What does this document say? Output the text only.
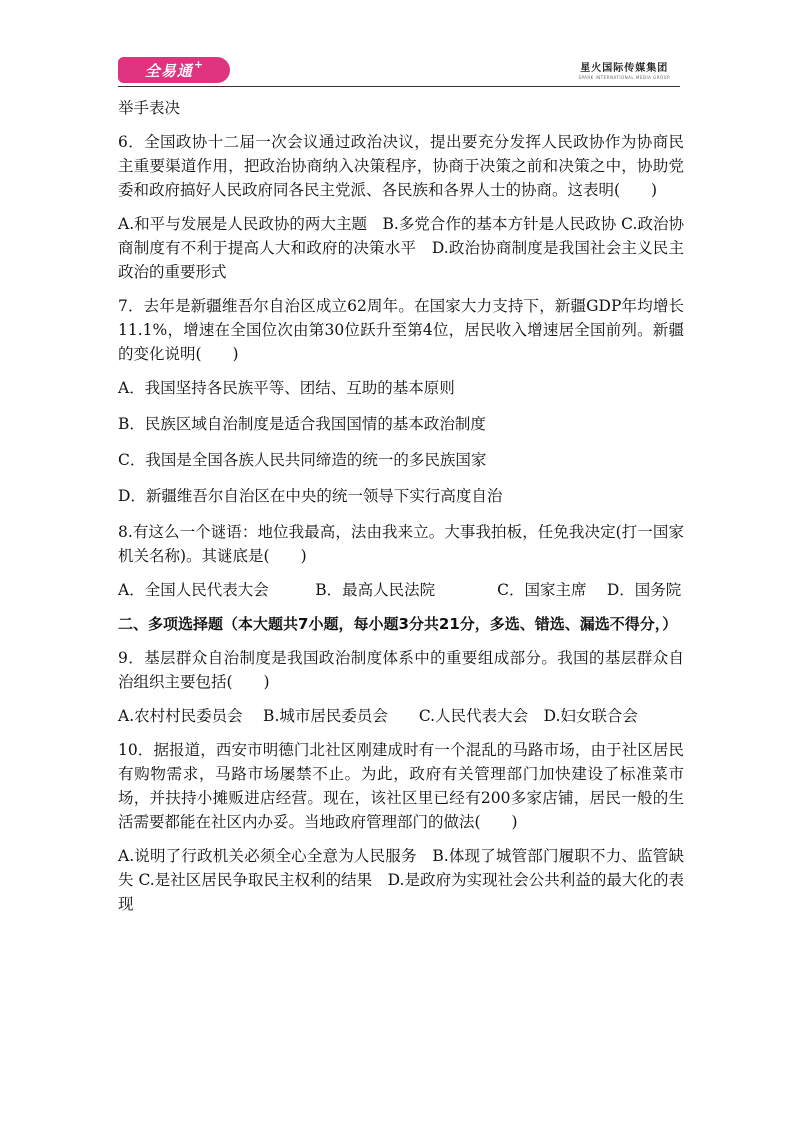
全易通 +	星火国际传媒集团
SPARK INTERNATIONAL MEDIA GROUP

举手表决

6．全国政协十二届一次会议通过政治决议，提出要充分发挥人民政协作为协商民主重要渠道作用，把政治协商纳入决策程序，协商于决策之前和决策之中，协助党委和政府搞好人民政府同各民主党派、各民族和各界人士的协商。这表明(　　)

A.和平与发展是人民政协的两大主题　B.多党合作的基本方针是人民政协 C.政治协商制度有不利于提高人大和政府的决策水平　D.政治协商制度是我国社会主义民主政治的重要形式

7．去年是新疆维吾尔自治区成立62周年。在国家大力支持下，新疆GDP年均增长11.1%，增速在全国位次由第30位跃升至第4位，居民收入增速居全国前列。新疆的变化说明(　　)

A．我国坚持各民族平等、团结、互助的基本原则

B．民族区域自治制度是适合我国国情的基本政治制度

C．我国是全国各族人民共同缔造的统一的多民族国家

D．新疆维吾尔自治区在中央的统一领导下实行高度自治

8.有这么一个谜语：地位我最高，法由我来立。大事我拍板，任免我决定(打一国家机关名称)。其谜底是(　　)

A．全国人民代表大会　　　B．最高人民法院　　　　C．国家主席　 D．国务院

二、多项选择题（本大题共7小题，每小题3分共21分，多选、错选、漏选不得分，）

9．基层群众自治制度是我国政治制度体系中的重要组成部分。我国的基层群众自治组织主要包括(　　)

A.农村村民委员会　 B.城市居民委员会　　C.人民代表大会　D.妇女联合会

10．据报道，西安市明德门北社区刚建成时有一个混乱的马路市场，由于社区居民有购物需求，马路市场屡禁不止。为此，政府有关管理部门加快建设了标准菜市场，并扶持小摊贩进店经营。现在，该社区里已经有200多家店铺，居民一般的生活需要都能在社区内办妥。当地政府管理部门的做法(　　)

A.说明了行政机关必须全心全意为人民服务　B.体现了城管部门履职不力、监管缺失 C.是社区居民争取民主权利的结果　D.是政府为实现社会公共利益的最大化的表现
